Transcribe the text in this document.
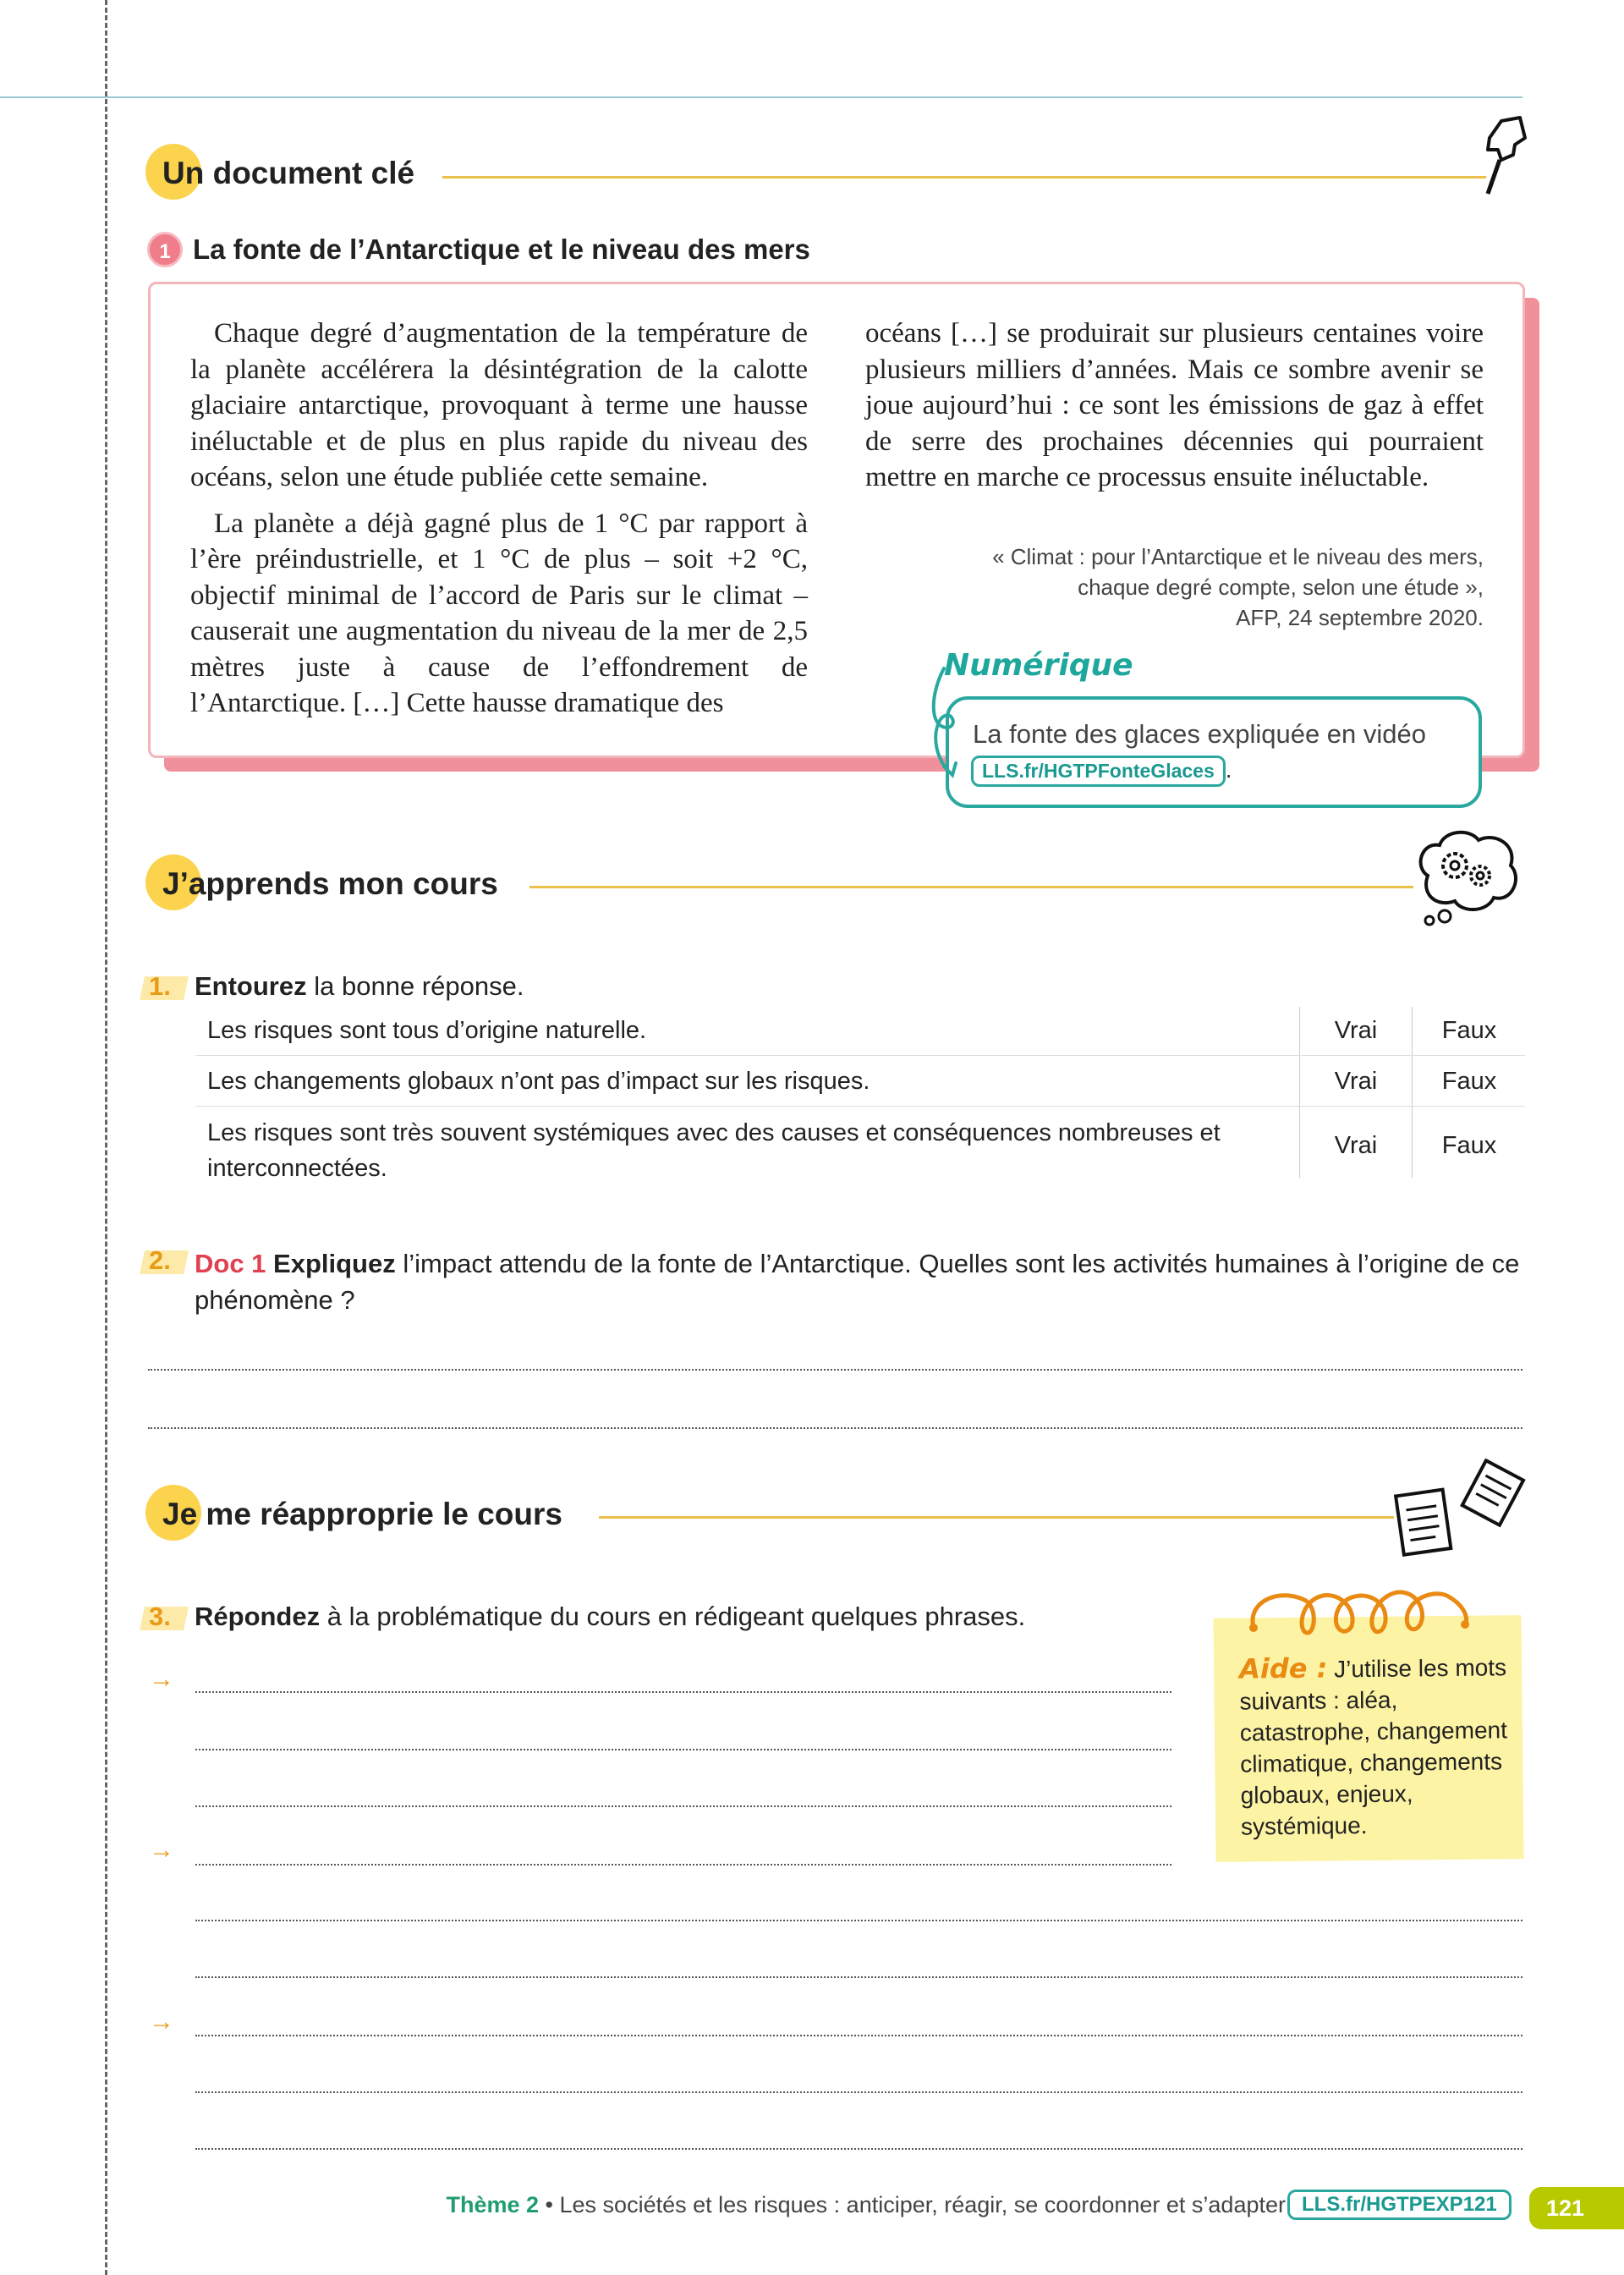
Un document clé
1 La fonte de l’Antarctique et le niveau des mers

Chaque degré d’augmentation de la température de la planète accélérera la désintégration de la calotte glaciaire antarctique, provoquant à terme une hausse inéluctable et de plus en plus rapide du niveau des océans, selon une étude publiée cette semaine.

La planète a déjà gagné plus de 1 °C par rapport à l’ère préindustrielle, et 1 °C de plus – soit +2 °C, objectif minimal de l’accord de Paris sur le climat – causerait une augmentation du niveau de la mer de 2,5 mètres juste à cause de l’effondrement de l’Antarctique. […] Cette hausse dramatique des

océans […] se produirait sur plusieurs centaines voire plusieurs milliers d’années. Mais ce sombre avenir se joue aujourd’hui : ce sont les émissions de gaz à effet de serre des prochaines décennies qui pourraient mettre en marche ce processus ensuite inéluctable.

« Climat : pour l’Antarctique et le niveau des mers,
chaque degré compte, selon une étude »,
AFP, 24 septembre 2020.
Numérique
La fonte des glaces expliquée en vidéo
LLS.fr/HGTPFonteGlaces .
J’apprends mon cours
1. Entourez la bonne réponse.
Les risques sont tous d’origine naturelle.	Vrai	Faux
Les changements globaux n’ont pas d’impact sur les risques.	Vrai	Faux
Les risques sont très souvent systémiques avec des causes et conséquences nombreuses et interconnectées.
Vrai	Faux
2. Doc 1 Expliquez l’impact attendu de la fonte de l’Antarctique. Quelles sont les activités humaines à l’origine de ce phénomène ?
Je me réapproprie le cours
3. Répondez à la problématique du cours en rédigeant quelques phrases.
→
→
→
Aide : J’utilise les mots suivants : aléa, catastrophe, changement climatique, changements globaux, enjeux, systémique.
Thème 2 • Les sociétés et les risques : anticiper, réagir, se coordonner et s’adapter LLS.fr/HGTPEXP121	121
